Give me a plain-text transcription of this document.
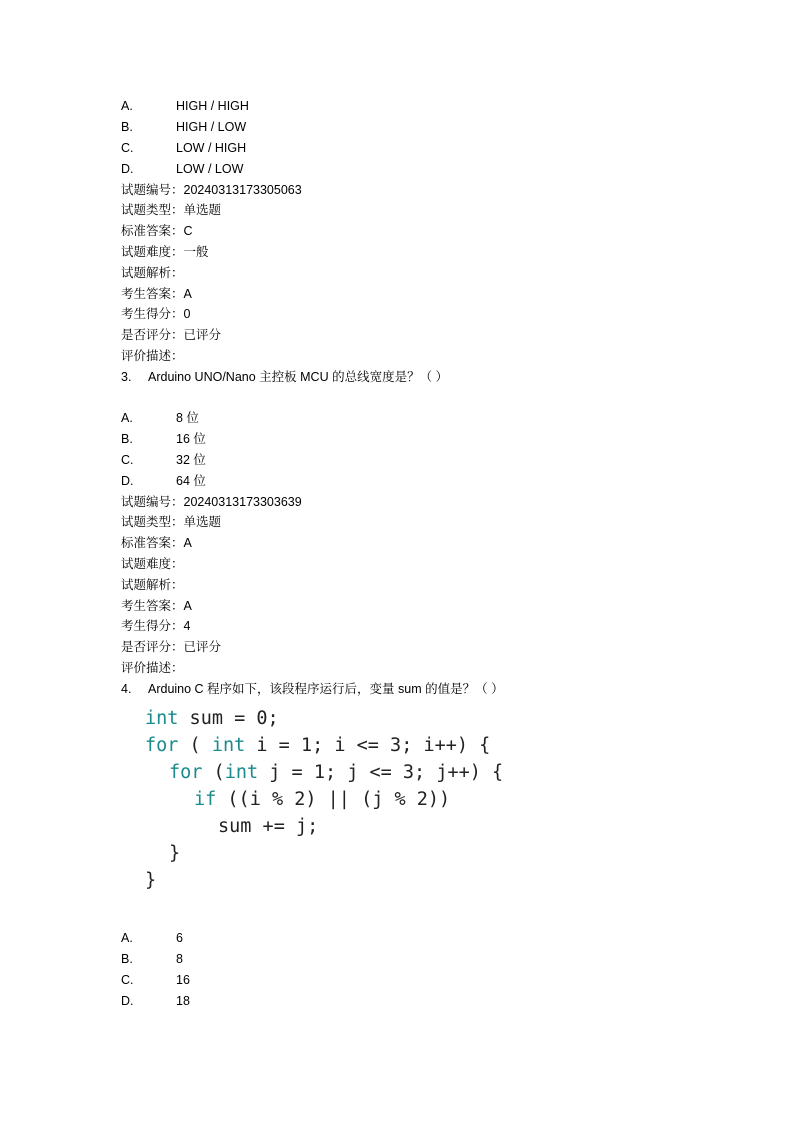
A.	HIGH / HIGH
B.	HIGH / LOW
C.	LOW / HIGH
D.	LOW / LOW
试题编号：20240313173305063
试题类型：单选题
标准答案：C
试题难度：一般
试题解析：
考生答案：A
考生得分：0
是否评分：已评分
评价描述：
3. Arduino UNO/Nano 主控板 MCU 的总线宽度是？（ ）
A.	8 位
B.	16 位
C.	32 位
D.	64 位
试题编号：20240313173303639
试题类型：单选题
标准答案：A
试题难度：
试题解析：
考生答案：A
考生得分：4
是否评分：已评分
评价描述：
4. Arduino C 程序如下，该段程序运行后，变量 sum 的值是？（ ）
int sum = 0;
for ( int i = 1; i <= 3; i++) {
for (int j = 1; j <= 3; j++) {
if ((i % 2) || (j % 2))
sum += j;
}
}
A.	6
B.	8
C.	16
D.	18
